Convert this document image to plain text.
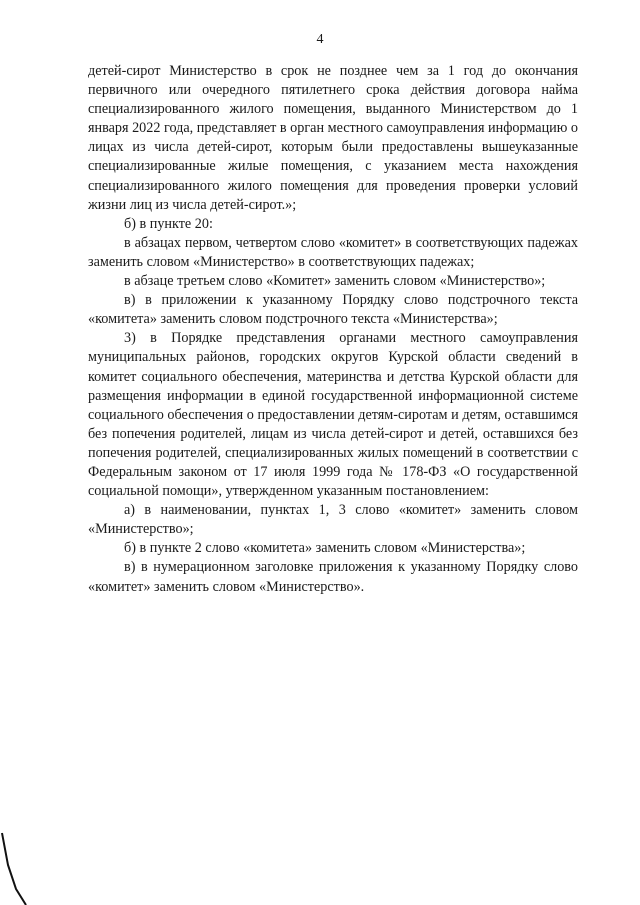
4

детей-сирот Министерство в срок не позднее чем за 1 год до окончания первичного или очередного пятилетнего срока действия договора найма специализированного жилого помещения, выданного Министерством до 1 января 2022 года, представляет в орган местного самоуправления информацию о лицах из числа детей-сирот, которым были предоставлены вышеуказанные специализированные жилые помещения, с указанием места нахождения специализированного жилого помещения для проведения проверки условий жизни лиц из числа детей-сирот.»;

б) в пункте 20:

в абзацах первом, четвертом слово «комитет» в соответствующих падежах заменить словом «Министерство» в соответствующих падежах;

в абзаце третьем слово «Комитет» заменить словом «Министерство»;

в) в приложении к указанному Порядку слово подстрочного текста «комитета» заменить словом подстрочного текста «Министерства»;

3) в Порядке представления органами местного самоуправления муниципальных районов, городских округов Курской области сведений в комитет социального обеспечения, материнства и детства Курской области для размещения информации в единой государственной информационной системе социального обеспечения о предоставлении детям-сиротам и детям, оставшимся без попечения родителей, лицам из числа детей-сирот и детей, оставшихся без попечения родителей, специализированных жилых помещений в соответствии с Федеральным законом от 17 июля 1999 года № 178-ФЗ «О государственной социальной помощи», утвержденном указанным постановлением:

а) в наименовании, пунктах 1, 3 слово «комитет» заменить словом «Министерство»;

б) в пункте 2 слово «комитета» заменить словом «Министерства»;

в) в нумерационном заголовке приложения к указанному Порядку слово «комитет» заменить словом «Министерство».
